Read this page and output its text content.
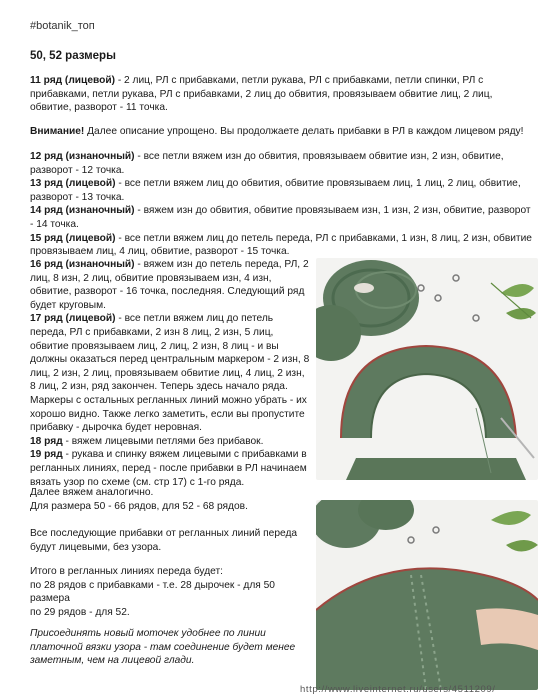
#botanik_топ
50, 52 размеры
11 ряд (лицевой) - 2 лиц, РЛ с прибавками, петли рукава, РЛ с прибавками, петли спинки, РЛ с прибавками, петли рукава, РЛ с прибавками, 2 лиц до обвития, провязываем обвитие лиц, 2 лиц, обвитие, разворот - 11 точка.
Внимание! Далее описание упрощено. Вы продолжаете делать прибавки в РЛ в каждом лицевом ряду!

12 ряд (изнаночный) - все петли вяжем изн до обвития, провязываем обвитие изн, 2 изн, обвитие, разворот - 12 точка.

13 ряд (лицевой) - все петли вяжем лиц до обвития, обвитие провязываем лиц, 1 лиц, 2 лиц, обвитие, разворот - 13 точка.

14 ряд (изнаночный) - вяжем изн до обвития, обвитие провязываем изн, 1 изн, 2 изн, обвитие, разворот - 14 точка.

15 ряд (лицевой) - все петли вяжем лиц до петель переда, РЛ с прибавками, 1 изн, 8 лиц, 2 изн, обвитие провязываем лиц, 4 лиц, обвитие, разворот - 15 точка.

16 ряд (изнаночный) - вяжем изн до петель переда, РЛ, 2 лиц, 8 изн, 2 лиц, обвитие провязываем изн, 4 изн, обвитие, разворот - 16 точка, последняя. Следующий ряд будет круговым.

17 ряд (лицевой) - все петли вяжем лиц до петель переда, РЛ с прибавками, 2 изн 8 лиц, 2 изн, 5 лиц, обвитие провязываем лиц, 2 лиц, 2 изн, 8 лиц - и вы должны оказаться перед центральным маркером - 2 изн, 8 лиц, 2 изн, 2 лиц, провязываем обвитие лиц, 4 лиц, 2 изн, 8 лиц, 2 изн, ряд закончен. Теперь здесь начало ряда. Маркеры с остальных регланных линий можно убрать - их хорошо видно. Также легко заметить, если вы пропустите прибавку - дырочка будет неровная.

18 ряд - вяжем лицевыми петлями без прибавок.

19 ряд - рукава и спинку вяжем лицевыми с прибавками в регланных линиях, перед - после прибавки в РЛ начинаем вязать узор по схеме (см. стр 17) с 1-го ряда.

Далее вяжем аналогично.

Для размера 50 - 66 рядов, для 52 - 68 рядов.

Все последующие прибавки от регланных линий переда будут лицевыми, без узора.

Итого в регланных линиях переда будет:

по 28 рядов с прибавками - т.е. 28 дырочек - для 50 размера

по 29 рядов - для 52.

Присоединять новый моточек удобнее по линии платочной вязки узора - там соединение будет менее заметным, чем на лицевой глади.

http://www.liveinternet.ru/users/4511209/
